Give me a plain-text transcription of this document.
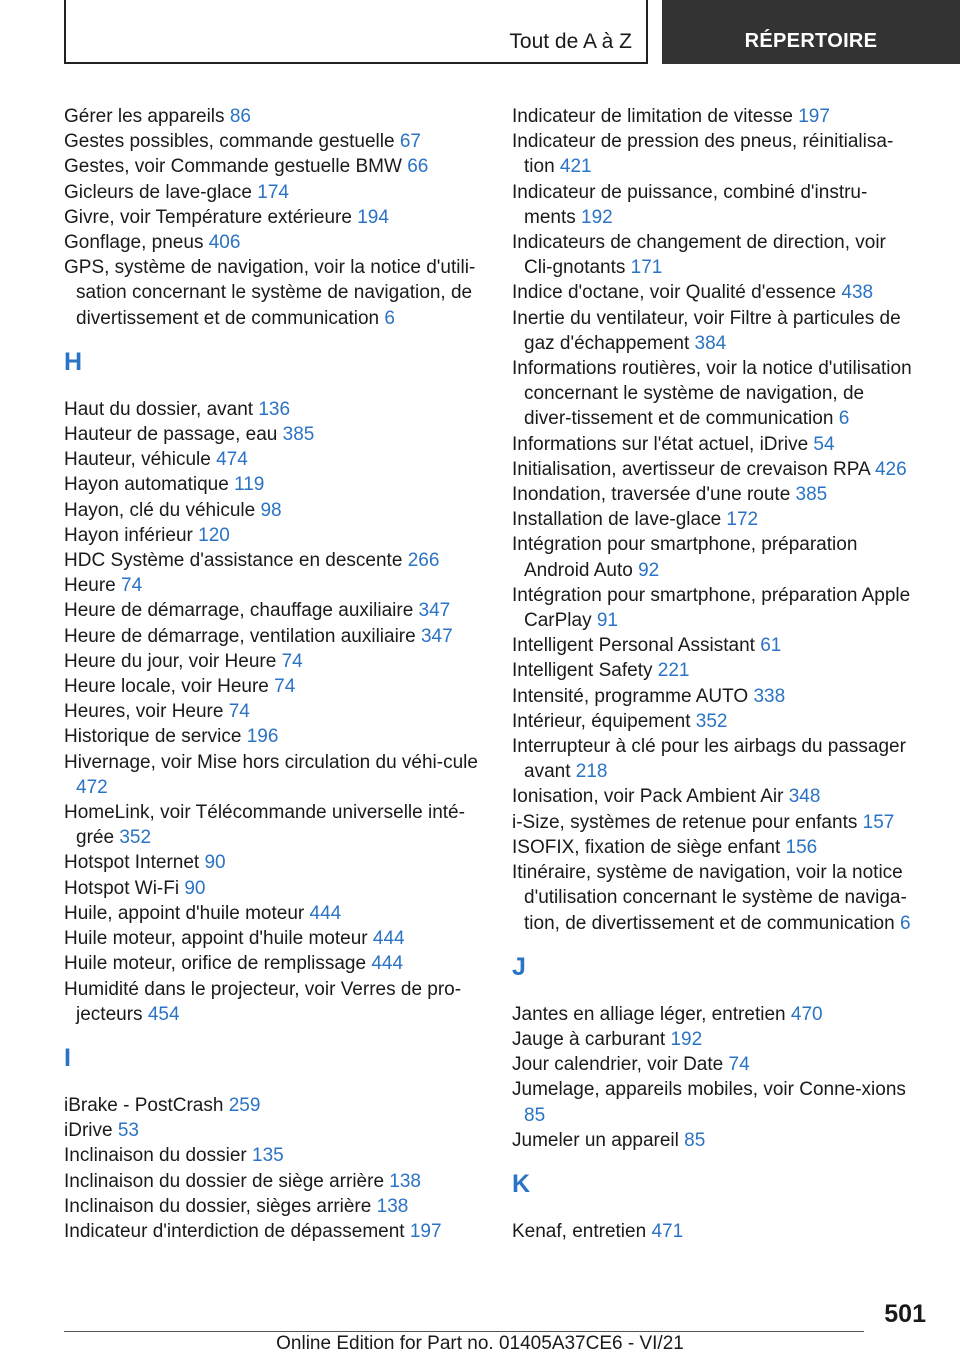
Tout de A à Z	RÉPERTOIRE
Gérer les appareils 86
Gestes possibles, commande gestuelle 67
Gestes, voir Commande gestuelle BMW 66
Gicleurs de lave-glace 174
Givre, voir Température extérieure 194
Gonflage, pneus 406
GPS, système de navigation, voir la notice d'utili-sation concernant le système de navigation, de divertissement et de communication 6
H
Haut du dossier, avant 136
Hauteur de passage, eau 385
Hauteur, véhicule 474
Hayon automatique 119
Hayon, clé du véhicule 98
Hayon inférieur 120
HDC Système d'assistance en descente 266
Heure 74
Heure de démarrage, chauffage auxiliaire 347
Heure de démarrage, ventilation auxiliaire 347
Heure du jour, voir Heure 74
Heure locale, voir Heure 74
Heures, voir Heure 74
Historique de service 196
Hivernage, voir Mise hors circulation du véhi-cule 472
HomeLink, voir Télécommande universelle inté-grée 352
Hotspot Internet 90
Hotspot Wi-Fi 90
Huile, appoint d'huile moteur 444
Huile moteur, appoint d'huile moteur 444
Huile moteur, orifice de remplissage 444
Humidité dans le projecteur, voir Verres de pro-jecteurs 454
I
iBrake - PostCrash 259
iDrive 53
Inclinaison du dossier 135
Inclinaison du dossier de siège arrière 138
Inclinaison du dossier, sièges arrière 138
Indicateur d'interdiction de dépassement 197
Indicateur de limitation de vitesse 197
Indicateur de pression des pneus, réinitialisa-tion 421
Indicateur de puissance, combiné d'instru-ments 192
Indicateurs de changement de direction, voir Cli-gnotants 171
Indice d'octane, voir Qualité d'essence 438
Inertie du ventilateur, voir Filtre à particules de gaz d'échappement 384
Informations routières, voir la notice d'utilisation concernant le système de navigation, de diver-tissement et de communication 6
Informations sur l'état actuel, iDrive 54
Initialisation, avertisseur de crevaison RPA 426
Inondation, traversée d'une route 385
Installation de lave-glace 172
Intégration pour smartphone, préparation Android Auto 92
Intégration pour smartphone, préparation Apple CarPlay 91
Intelligent Personal Assistant 61
Intelligent Safety 221
Intensité, programme AUTO 338
Intérieur, équipement 352
Interrupteur à clé pour les airbags du passager avant 218
Ionisation, voir Pack Ambient Air 348
i-Size, systèmes de retenue pour enfants 157
ISOFIX, fixation de siège enfant 156
Itinéraire, système de navigation, voir la notice d'utilisation concernant le système de naviga-tion, de divertissement et de communication 6
J
Jantes en alliage léger, entretien 470
Jauge à carburant 192
Jour calendrier, voir Date 74
Jumelage, appareils mobiles, voir Conne-xions 85
Jumeler un appareil 85
K
Kenaf, entretien 471
501
Online Edition for Part no. 01405A37CE6 - VI/21
